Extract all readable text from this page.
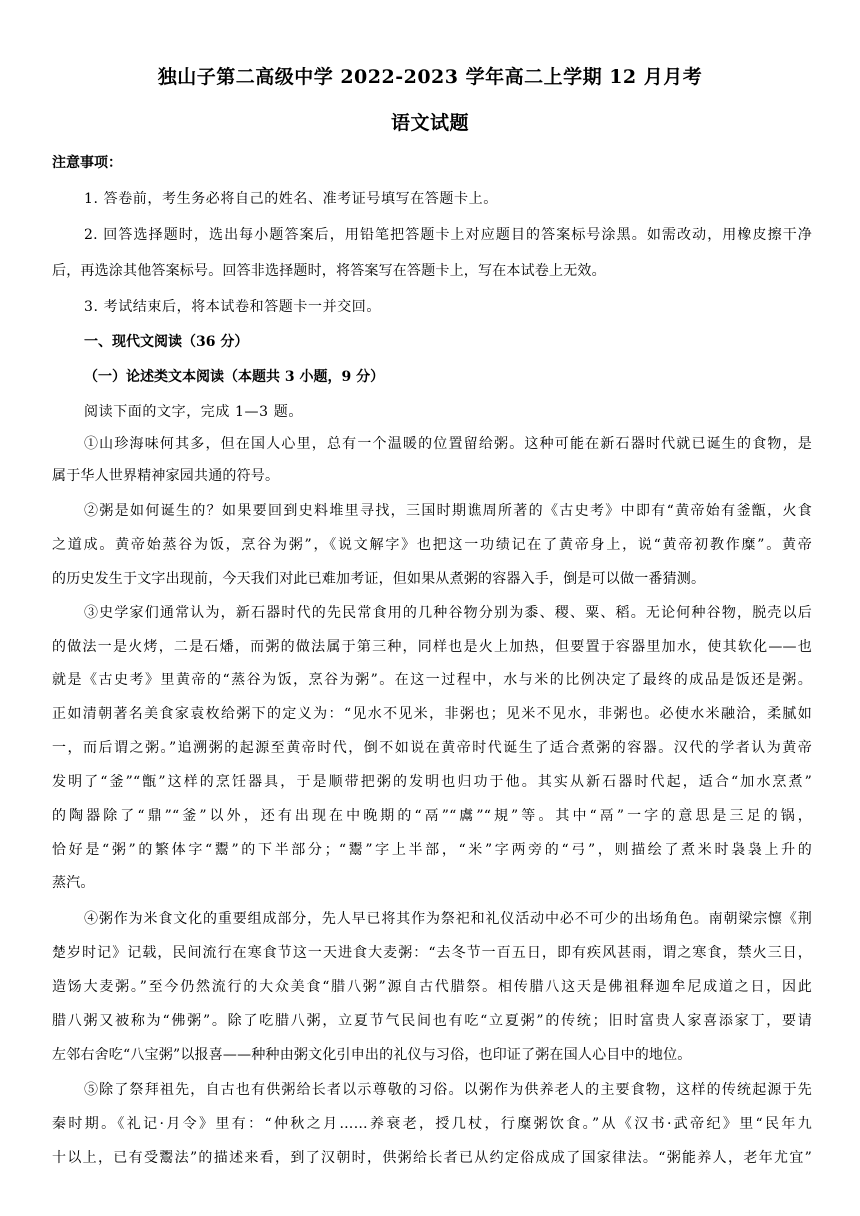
独山子第二高级中学 2022-2023 学年高二上学期 12 月月考
语文试题
注意事项：
1. 答卷前，考生务必将自己的姓名、准考证号填写在答题卡上。
2. 回答选择题时，选出每小题答案后，用铅笔把答题卡上对应题目的答案标号涂黑。如需改动，用橡皮擦干净
后，再选涂其他答案标号。回答非选择题时，将答案写在答题卡上，写在本试卷上无效。
3. 考试结束后，将本试卷和答题卡一并交回。
一、现代文阅读（36 分）
（一）论述类文本阅读（本题共 3 小题，9 分）
阅读下面的文字，完成 1—3 题。
①山珍海味何其多，但在国人心里，总有一个温暖的位置留给粥。这种可能在新石器时代就已诞生的食物，是
属于华人世界精神家园共通的符号。
②粥是如何诞生的？如果要回到史料堆里寻找，三国时期谯周所著的《古史考》中即有“黄帝始有釜甑，火食
之道成。黄帝始蒸谷为饭，烹谷为粥”，《说文解字》也把这一功绩记在了黄帝身上，说“黄帝初教作糜”。黄帝
的历史发生于文字出现前，今天我们对此已难加考证，但如果从煮粥的容器入手，倒是可以做一番猜测。
③史学家们通常认为，新石器时代的先民常食用的几种谷物分别为黍、稷、粟、稻。无论何种谷物，脱壳以后
的做法一是火烤，二是石燔，而粥的做法属于第三种，同样也是火上加热，但要置于容器里加水，使其软化——也
就是《古史考》里黄帝的“蒸谷为饭，烹谷为粥”。在这一过程中，水与米的比例决定了最终的成品是饭还是粥。
正如清朝著名美食家袁枚给粥下的定义为：“见水不见米，非粥也；见米不见水，非粥也。必使水米融洽，柔腻如
一，而后谓之粥。”追溯粥的起源至黄帝时代，倒不如说在黄帝时代诞生了适合煮粥的容器。汉代的学者认为黄帝
发明了“釜”“甑”这样的烹饪器具，于是顺带把粥的发明也归功于他。其实从新石器时代起，适合“加水烹煮”
的陶器除了“鼎”“釜”以外，还有出现在中晚期的“鬲”“鬳”“規”等。其中“鬲”一字的意思是三足的锅，
恰好是“粥”的繁体字“鬻”的下半部分；“鬻”字上半部，“米”字两旁的“弓”，则描绘了煮米时袅袅上升的
蒸汽。
④粥作为米食文化的重要组成部分，先人早已将其作为祭祀和礼仪活动中必不可少的出场角色。南朝梁宗懔《荆
楚岁时记》记载，民间流行在寒食节这一天进食大麦粥：“去冬节一百五日，即有疾风甚雨，谓之寒食，禁火三日，
造饧大麦粥。”至今仍然流行的大众美食“腊八粥”源自古代腊祭。相传腊八这天是佛祖释迦牟尼成道之日，因此
腊八粥又被称为“佛粥”。除了吃腊八粥，立夏节气民间也有吃“立夏粥”的传统；旧时富贵人家喜添家丁，要请
左邻右舍吃“八宝粥”以报喜——种种由粥文化引申出的礼仪与习俗，也印证了粥在国人心目中的地位。
⑤除了祭拜祖先，自古也有供粥给长者以示尊敬的习俗。以粥作为供养老人的主要食物，这样的传统起源于先
秦时期。《礼记·月令》里有：“仲秋之月……养衰老，授几杖，行糜粥饮食。”从《汉书·武帝纪》里“民年九
十以上，已有受鬻法”的描述来看，到了汉朝时，供粥给长者已从约定俗成成了国家律法。“粥能养人，老年尤宜”
